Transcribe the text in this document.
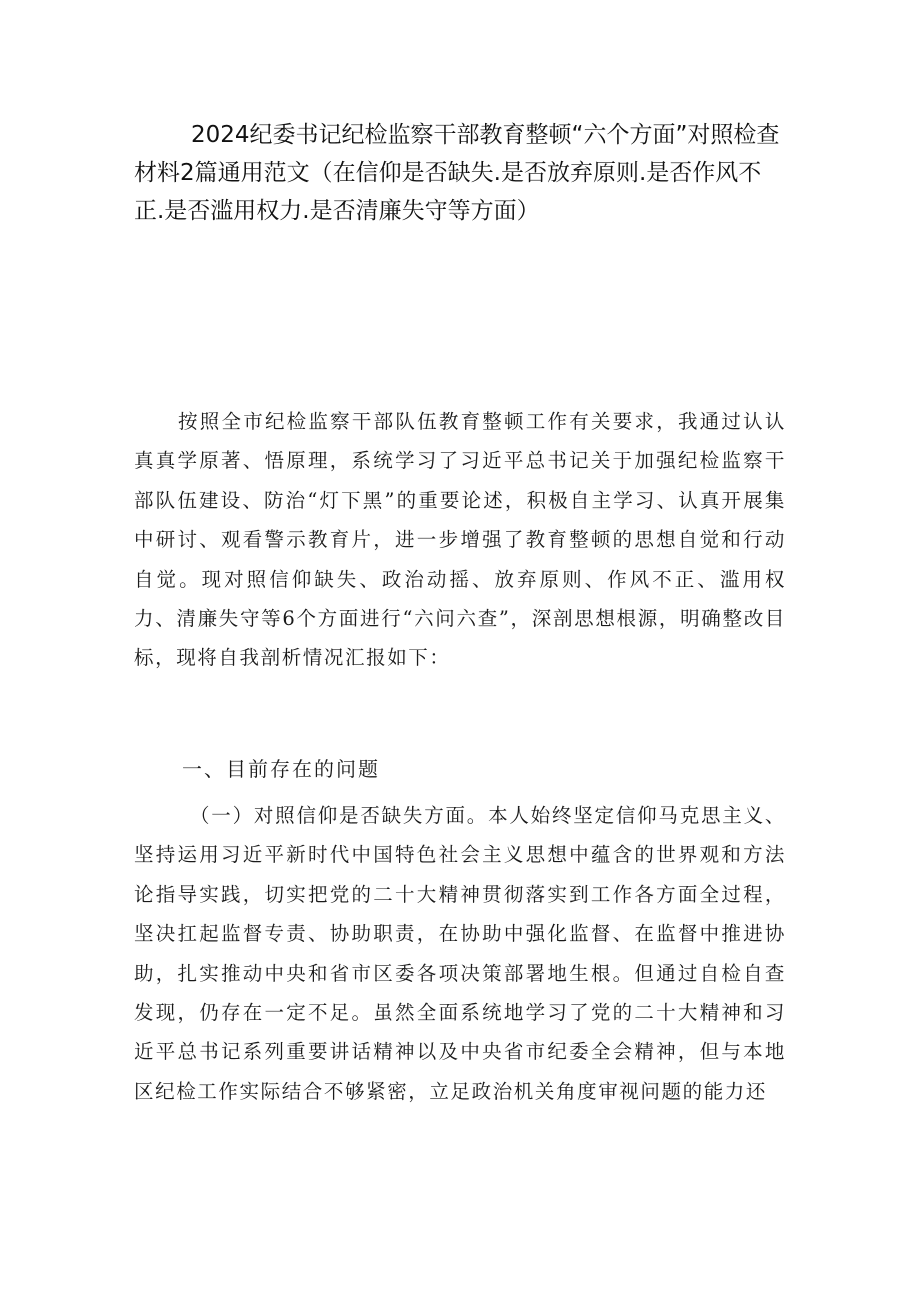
2024纪委书记纪检监察干部教育整顿“六个方面”对照检查材料2篇通用范文（在信仰是否缺失.是否放弃原则.是否作风不正.是否滥用权力.是否清廉失守等方面）

按照全市纪检监察干部队伍教育整顿工作有关要求，我通过认认真真学原著、悟原理，系统学习了习近平总书记关于加强纪检监察干部队伍建设、防治“灯下黑”的重要论述，积极自主学习、认真开展集中研讨、观看警示教育片，进一步增强了教育整顿的思想自觉和行动自觉。现对照信仰缺失、政治动摇、放弃原则、作风不正、滥用权力、清廉失守等6个方面进行“六问六查”，深剖思想根源，明确整改目标，现将自我剖析情况汇报如下：

一、目前存在的问题

（一）对照信仰是否缺失方面。本人始终坚定信仰马克思主义、坚持运用习近平新时代中国特色社会主义思想中蕴含的世界观和方法论指导实践，切实把党的二十大精神贯彻落实到工作各方面全过程，坚决扛起监督专责、协助职责，在协助中强化监督、在监督中推进协助，扎实推动中央和省市区委各项决策部署地生根。但通过自检自查发现，仍存在一定不足。虽然全面系统地学习了党的二十大精神和习近平总书记系列重要讲话精神以及中央省市纪委全会精神，但与本地区纪检工作实际结合不够紧密，立足政治机关角度审视问题的能力还
